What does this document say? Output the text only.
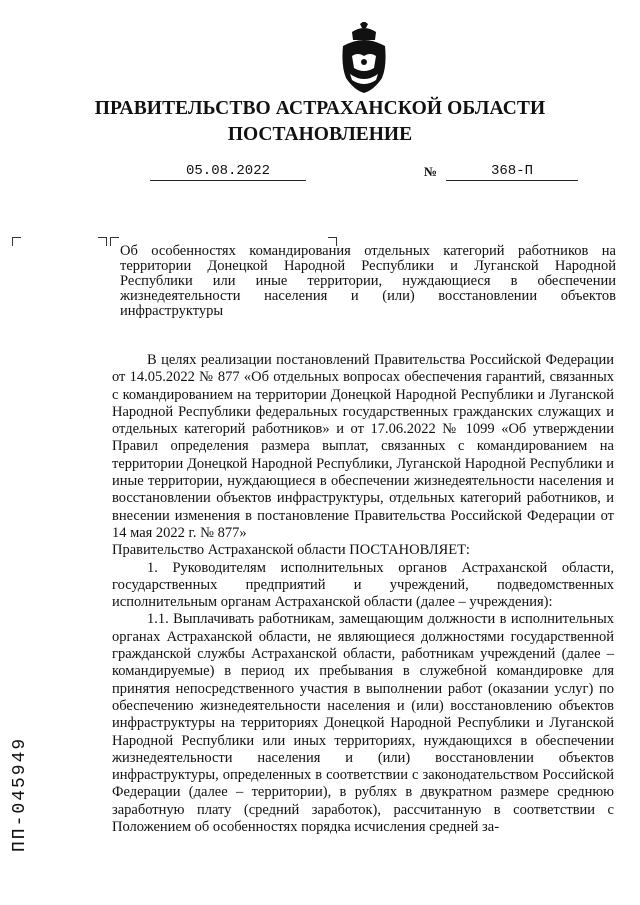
ПРАВИТЕЛЬСТВО АСТРАХАНСКОЙ ОБЛАСТИ
ПОСТАНОВЛЕНИЕ
05.08.2022	№	368-П
Об особенностях командирования отдельных категорий работников на территории Донецкой Народной Республики и Луганской Народной Республики или иные территории, нуждающиеся в обеспечении жизнедеятельности населения и (или) восстановлении объектов инфраструктуры

В целях реализации постановлений Правительства Российской Федерации от 14.05.2022 № 877 «Об отдельных вопросах обеспечения гарантий, связанных с командированием на территории Донецкой Народной Республики и Луганской Народной Республики федеральных государственных гражданских служащих и отдельных категорий работников» и от 17.06.2022 № 1099 «Об утверждении Правил определения размера выплат, связанных с командированием на территории Донецкой Народной Республики, Луганской Народной Республики и иные территории, нуждающиеся в обеспечении жизнедеятельности населения и восстановлении объектов инфраструктуры, отдельных категорий работников, и внесении изменения в постановление Правительства Российской Федерации от 14 мая 2022 г. № 877»

Правительство Астраханской области ПОСТАНОВЛЯЕТ:

1. Руководителям исполнительных органов Астраханской области, государственных предприятий и учреждений, подведомственных исполнительным органам Астраханской области (далее – учреждения):

1.1. Выплачивать работникам, замещающим должности в исполнительных органах Астраханской области, не являющиеся должностями государственной гражданской службы Астраханской области, работникам учреждений (далее – командируемые) в период их пребывания в служебной командировке для принятия непосредственного участия в выполнении работ (оказании услуг) по обеспечению жизнедеятельности населения и (или) восстановлению объектов инфраструктуры на территориях Донецкой Народной Республики и Луганской Народной Республики или иных территориях, нуждающихся в обеспечении жизнедеятельности населения и (или) восстановлении объектов инфраструктуры, определенных в соответствии с законодательством Российской Федерации (далее – территории), в рублях в двукратном размере среднюю заработную плату (средний заработок), рассчитанную в соответствии с Положением об особенностях порядка исчисления средней за-

ПП-045949
